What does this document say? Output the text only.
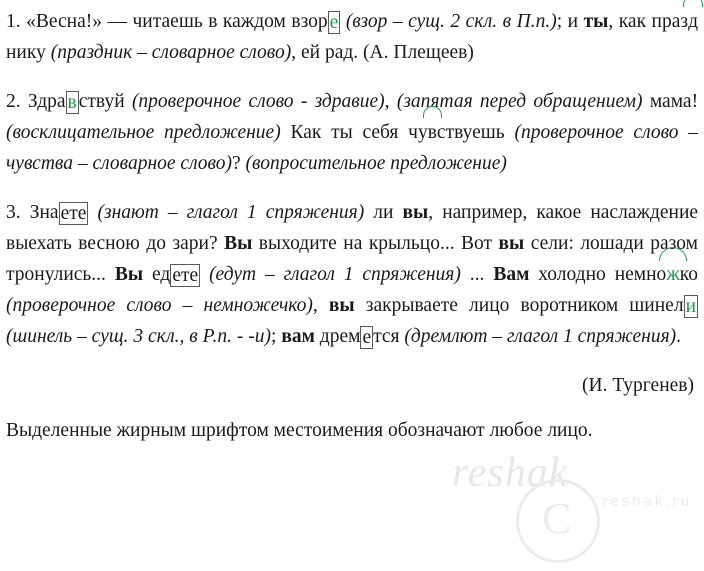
1. «Весна!» — читаешь в каждом взор е (взор – сущ. 2 скл. в П.п.); и ты, как празднику (праздник – словарное слово), ей рад. (А. Плещеев)

2. Здра в ствуй (проверочное слово - здравие), (запятая перед обращением) мама! (восклицательное предложение) Как ты себя чувствуешь (проверочное слово – чувства – словарное слово)? (вопросительное предложение)

3. Зна ете (знают – глагол 1 спряжения) ли вы, например, какое наслаждение выехать весною до зари? Вы выходите на крыльцо... Вот вы сели: лошади разом тронулись... Вы ед ете (едут – глагол 1 спряжения) ... Вам холодно немножко (проверочное слово – немножечко), вы закрываете лицо воротником шинел и (шинель – сущ. 3 скл., в Р.п. - -и); вам дрем е тся (дремлют – глагол 1 спряжения).

(И. Тургенев)
Выделенные жирным шрифтом местоимения обозначают любое лицо.
reshak
C reshak.ru
